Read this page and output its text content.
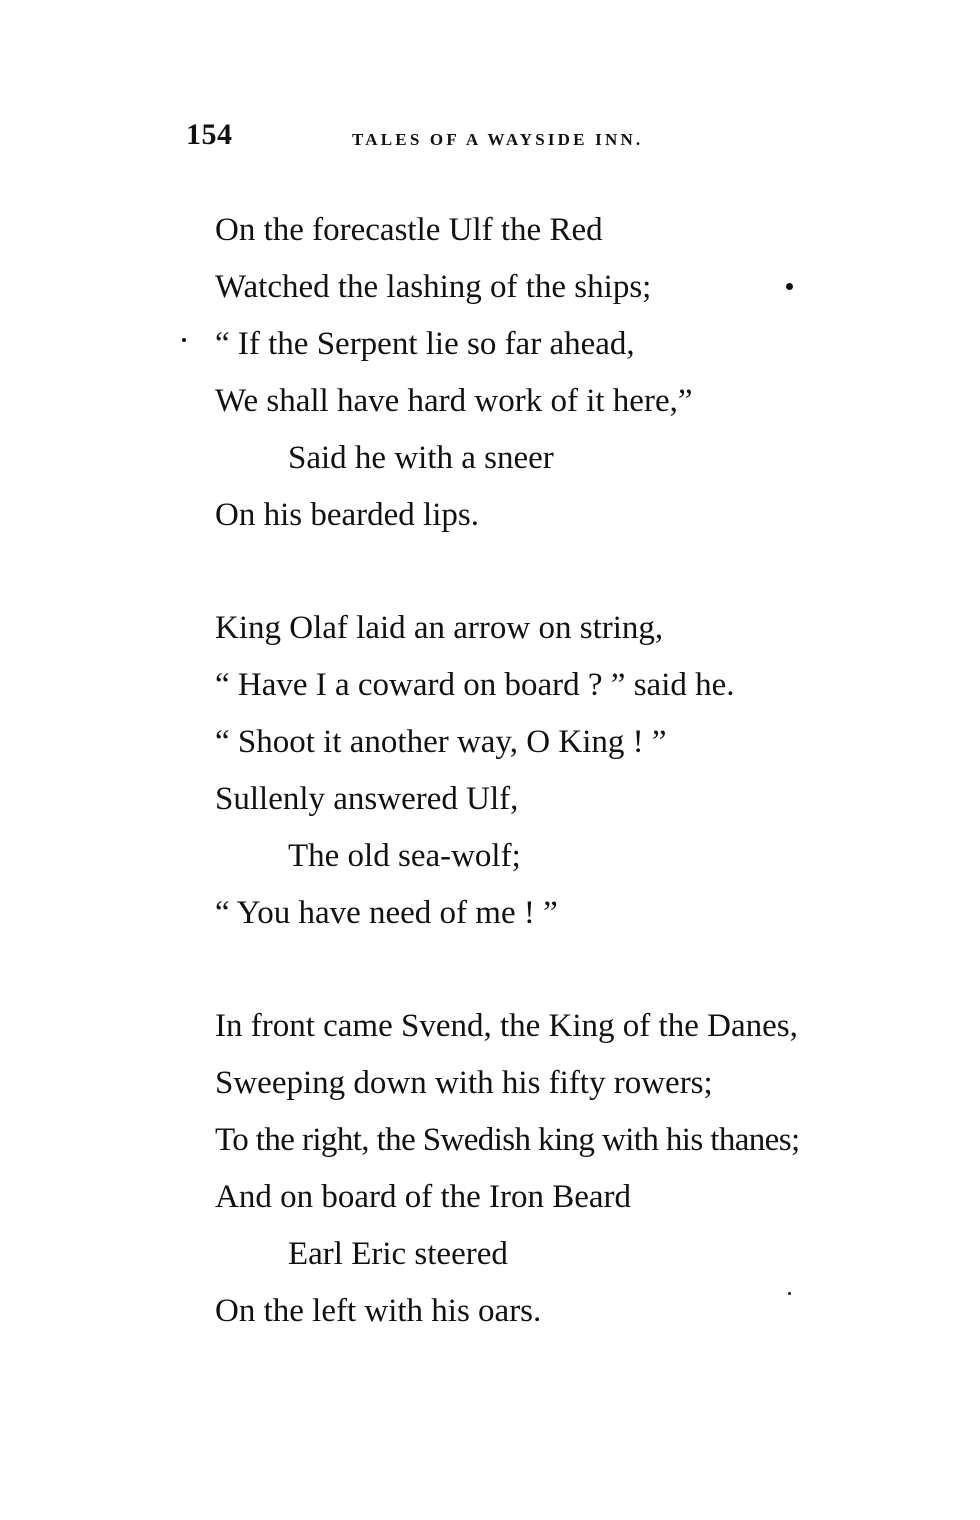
154	TALES OF A WAYSIDE INN.
On the forecastle Ulf the Red
Watched the lashing of the ships;
“ If the Serpent lie so far ahead,
We shall have hard work of it here,”
Said he with a sneer
On his bearded lips.
King Olaf laid an arrow on string,
“ Have I a coward on board ? ” said he.
“ Shoot it another way, O King ! ”
Sullenly answered Ulf,
The old sea-wolf;
“ You have need of me ! ”
In front came Svend, the King of the Danes,
Sweeping down with his fifty rowers;
To the right, the Swedish king with his thanes;
And on board of the Iron Beard
Earl Eric steered
On the left with his oars.
